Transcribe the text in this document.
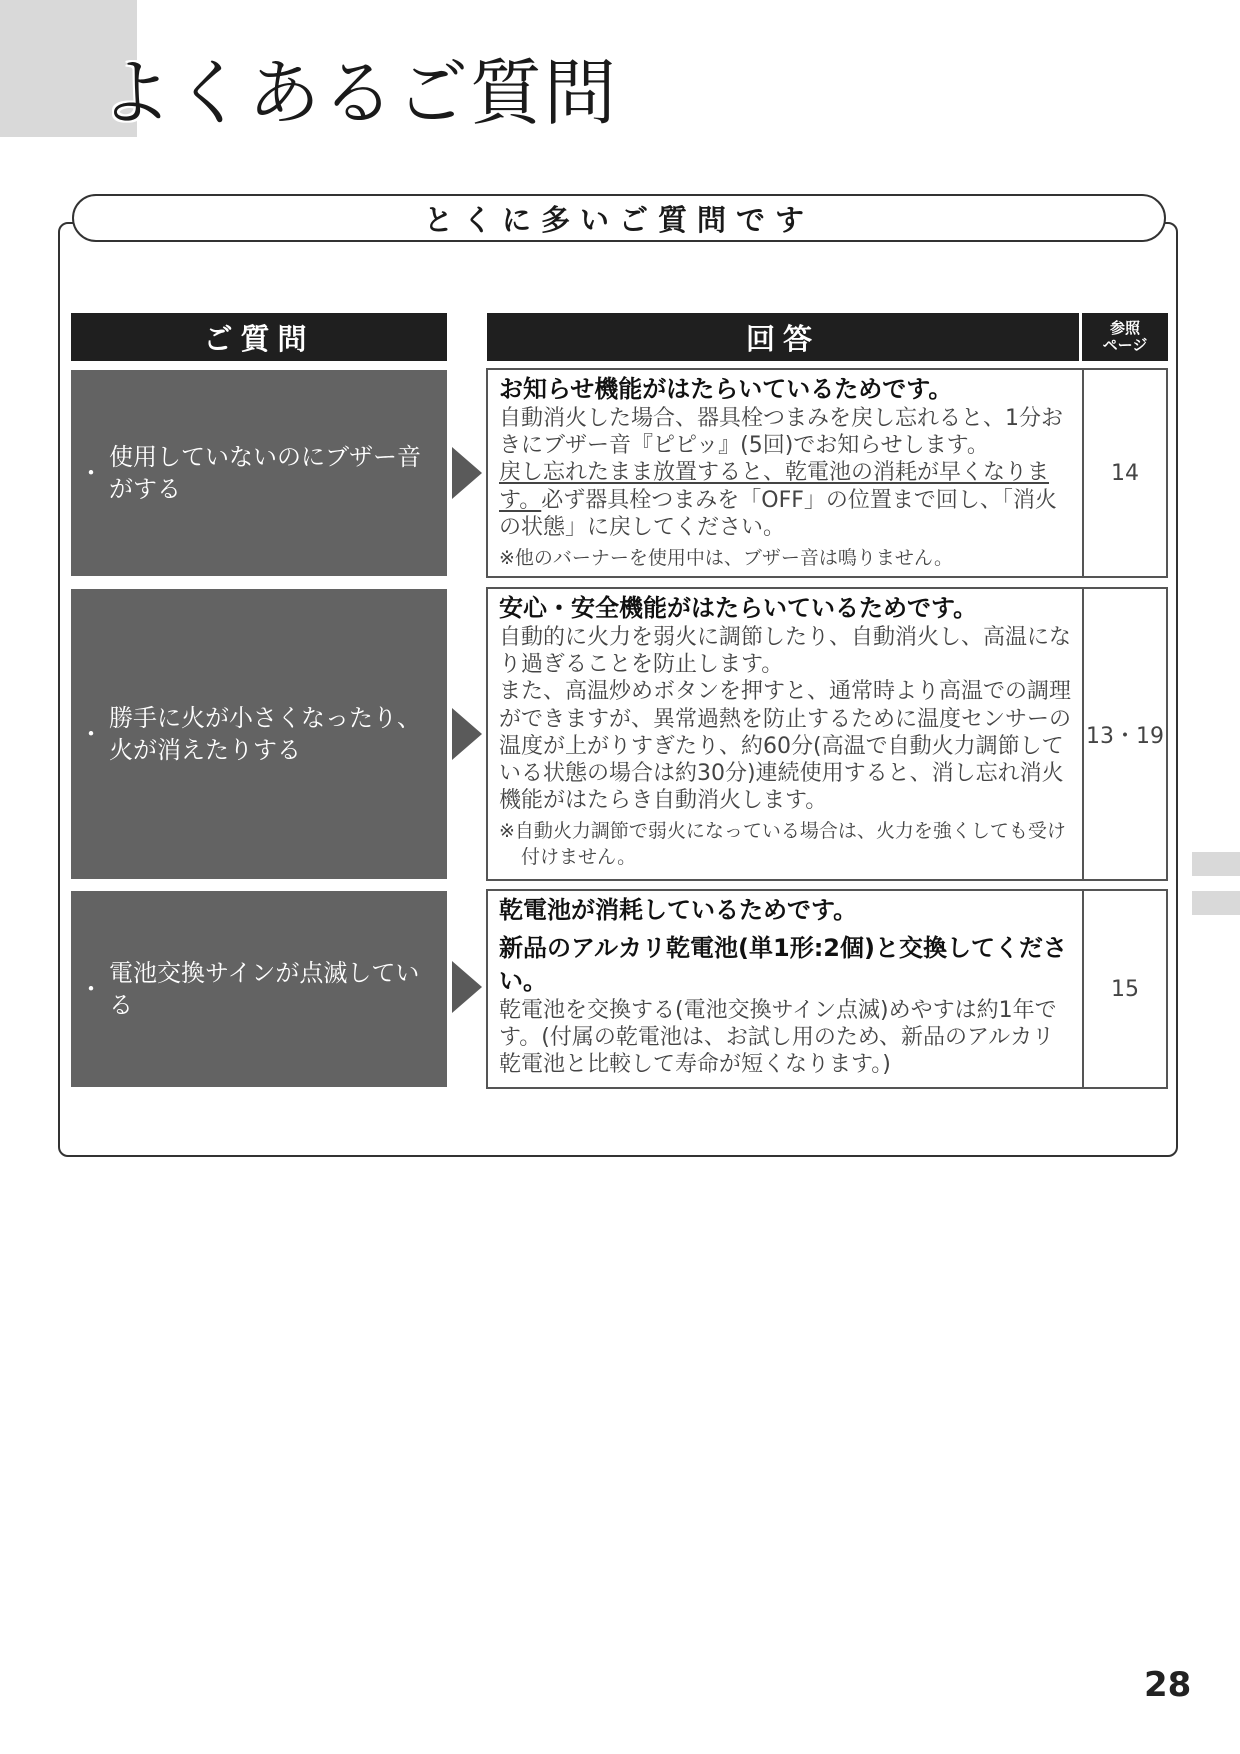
よくあるご質問
とくに多いご質問です
ご質問	回答	参照
ページ
・
使用していないのにブザー音
がする
お知らせ機能がはたらいているためです。
自動消火した場合、器具栓つまみを戻し忘れると、1分おきにブザー音『ピピッ』(5回)でお知らせします。
戻し忘れたまま放置すると、乾電池の消耗が早くなります。必ず器具栓つまみを「OFF」の位置まで回し、「消火の状態」に戻してください。
※他のバーナーを使用中は、ブザー音は鳴りません。
14
・
勝手に火が小さくなったり、
火が消えたりする
安心・安全機能がはたらいているためです。
自動的に火力を弱火に調節したり、自動消火し、高温になり過ぎることを防止します。
また、高温炒めボタンを押すと、通常時より高温での調理ができますが、異常過熱を防止するために温度センサーの温度が上がりすぎたり、約60分(高温で自動火力調節している状態の場合は約30分)連続使用すると、消し忘れ消火機能がはたらき自動消火します。
※自動火力調節で弱火になっている場合は、火力を強くしても受け付けません。
13・19
・
電池交換サインが点滅している
乾電池が消耗しているためです。
新品のアルカリ乾電池(単1形:2個)と交換してください。
乾電池を交換する(電池交換サイン点滅)めやすは約1年です。(付属の乾電池は、お試し用のため、新品のアルカリ乾電池と比較して寿命が短くなります。)
15
28
